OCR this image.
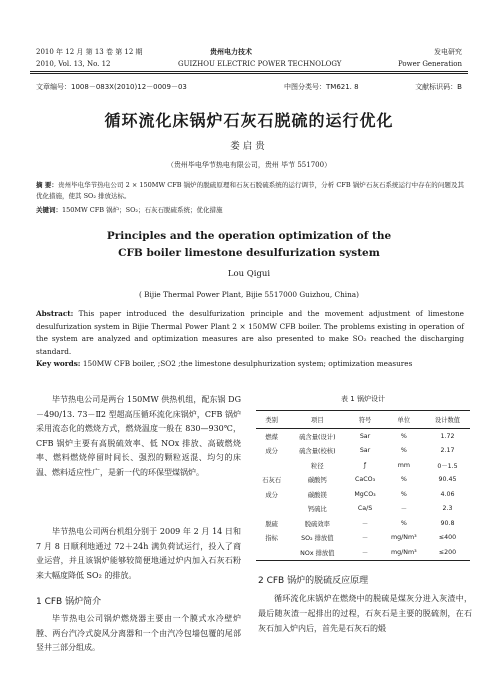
2010 年 12 月 第 13 卷 第 12 期	贵州电力技术	发电研究
2010, Vol. 13, No. 12	GUIZHOU ELECTRIC POWER TECHNOLOGY	Power Generation
文章编号：1008－083X(2010)12－0009－03	中图分类号：TM621. 8	文献标识码：B
循环流化床锅炉石灰石脱硫的运行优化
娄启贵
（贵州毕电华节热电有限公司，贵州 毕节 551700）
摘 要：贵州毕电华节热电公司 2 × 150MW CFB 锅炉的脱硫原理和石灰石脱硫系统的运行调节，分析 CFB 锅炉石灰石系统运行中存在的问题及其优化措施，使其 SO₂ 排放达标。
关键词：150MW CFB 锅炉；SO₂；石灰石脱硫系统；优化措施
Principles and the operation optimization of the
CFB boiler limestone desulfurization system
Lou Qigui
( Bijie Thermal Power Plant, Bijie 5517000 Guizhou, China)
Abstract: This paper introduced the desulfurization principle and the movement adjustment of limestone desulfurization system in Bijie Thermal Power Plant 2 × 150MW CFB boiler. The problems existing in operation of the system are analyzed and optimization measures are also presented to make SO₂ reached the discharging standard.
Key words: 150MW CFB boiler, ;SO2 ;the limestone desulphurization system; optimization measures
毕节热电公司是两台 150MW 供热机组，配东锅 DG－490/13. 73－Ⅱ2 型超高压循环流化床锅炉，CFB 锅炉采用流态化的燃烧方式，燃烧温度一般在 830—930℃，CFB 锅炉主要有高脱硫效率、低 NOx 排放、高破燃烧率、燃料燃烧停留时间长、强烈的颗粒返混、均匀的床温、燃料适应性广，是新一代的环保型煤锅炉。
毕节热电公司两台机组分别于 2009 年 2 月 14 日和 7 月 8 日顺利地通过 72＋24h 满负荷试运行，投入了商业运营，并且该锅炉能够较简便地通过炉内加入石灰石粉来大幅度降低 SO₂ 的排放。
1 CFB 锅炉简介
毕节热电公司锅炉燃烧器主要由一个膜式水冷壁炉膛、两台汽冷式旋风分离器和一个由汽冷包墙包覆的尾部竖井三部分组成。
表 1 锅炉设计
类别	项目	符号	单位	设计数值
燃煤	硫含量(设计)	Sar	%	1.72
成分	硫含量(校核)	Sar	%	2.17
	粒径	ƒ	mm	0－1.5
石灰石	碳酸钙	CaCO₃	%	90.45
成分	碳酸镁	MgCO₃	%	4.06
	钙硫比	Ca/S	－	2.3
脱硫	脱硫效率	－	%	90.8
指标	SO₂ 排放值	－	mg/Nm³	≤400
	NOx 排放值	－	mg/Nm³	≤200
2 CFB 锅炉的脱硫反应原理
循环流化床锅炉在燃烧中的脱硫是煤灰分进入灰渣中，最后随灰渣一起排出的过程，石灰石是主要的脱硫剂，在石灰石加入炉内后，首先是石灰石的煅
